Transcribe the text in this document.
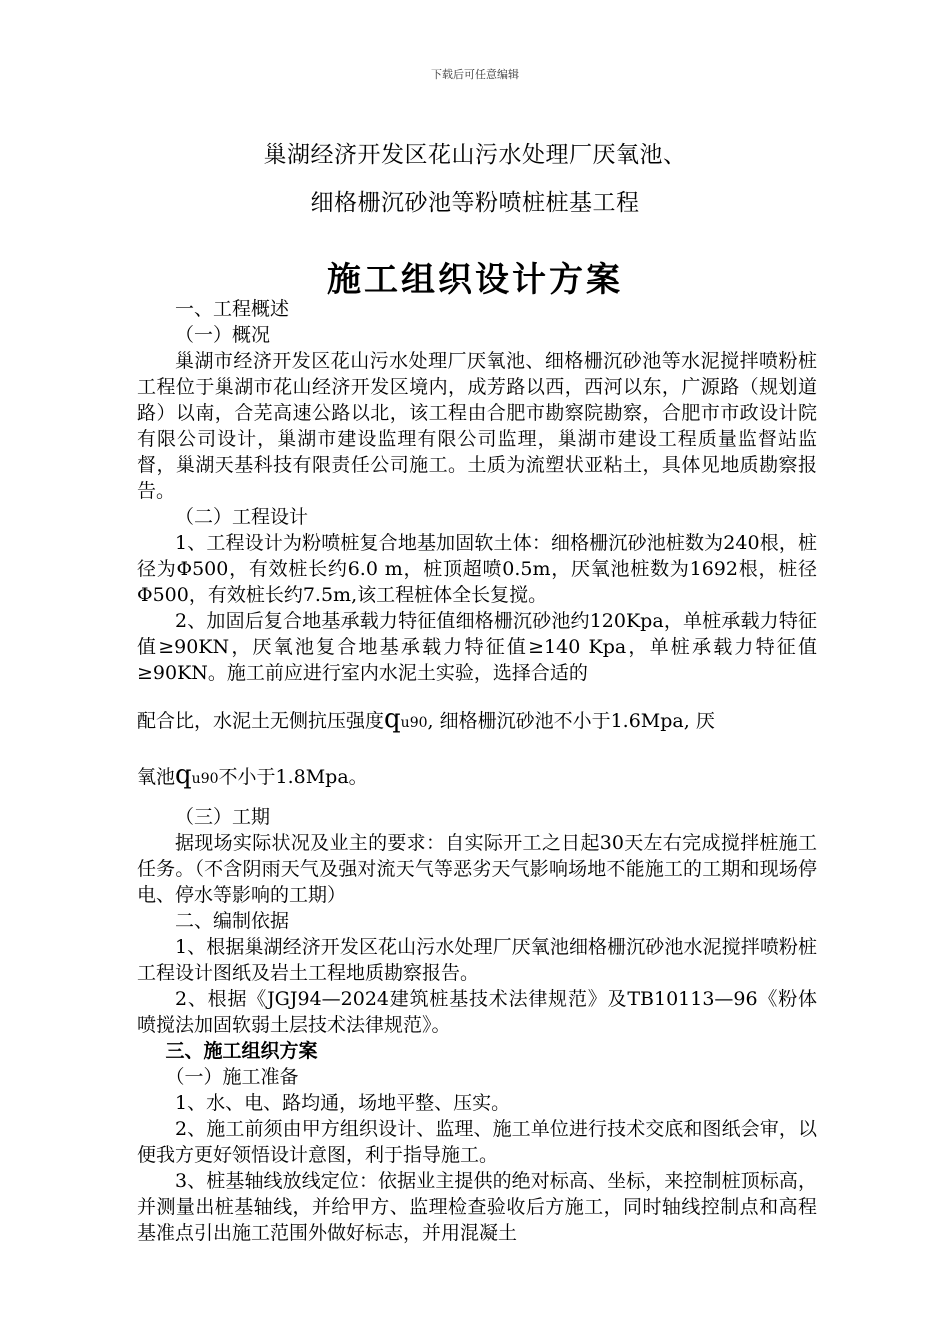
下载后可任意编辑
巢湖经济开发区花山污水处理厂厌氧池、
细格栅沉砂池等粉喷桩桩基工程
施工组织设计方案

一、工程概述

（一）概况

巢湖市经济开发区花山污水处理厂厌氧池、细格栅沉砂池等水泥搅拌喷粉桩工程位于巢湖市花山经济开发区境内，成芳路以西，西河以东，广源路（规划道路）以南，合芜高速公路以北，该工程由合肥市勘察院勘察，合肥市市政设计院有限公司设计，巢湖市建设监理有限公司监理，巢湖市建设工程质量监督站监督，巢湖天基科技有限责任公司施工。土质为流塑状亚粘土，具体见地质勘察报告。

（二）工程设计

1、工程设计为粉喷桩复合地基加固软土体：细格栅沉砂池桩数为240根，桩径为Φ500，有效桩长约6.0 m，桩顶超喷0.5m，厌氧池桩数为1692根，桩径Φ500，有效桩长约7.5m,该工程桩体全长复搅。

2、加固后复合地基承载力特征值细格栅沉砂池约120Kpa，单桩承载力特征值≥90KN，厌氧池复合地基承载力特征值≥140 Kpa，单桩承载力特征值≥90KN。施工前应进行室内水泥土实验，选择合适的

配合比，水泥土无侧抗压强度qu90, 细格栅沉砂池不小于1.6Mpa, 厌

氧池qu90不小于1.8Mpa。

（三）工期

据现场实际状况及业主的要求：自实际开工之日起30天左右完成搅拌桩施工任务。（不含阴雨天气及强对流天气等恶劣天气影响场地不能施工的工期和现场停电、停水等影响的工期）

二、编制依据

1、根据巢湖经济开发区花山污水处理厂厌氧池细格栅沉砂池水泥搅拌喷粉桩工程设计图纸及岩土工程地质勘察报告。

2、根据《JGJ94—2024建筑桩基技术法律规范》及TB10113—96《粉体喷搅法加固软弱土层技术法律规范》。

三、施工组织方案

（一）施工准备

1、水、电、路均通，场地平整、压实。

2、施工前须由甲方组织设计、监理、施工单位进行技术交底和图纸会审，以便我方更好领悟设计意图，利于指导施工。

3、桩基轴线放线定位：依据业主提供的绝对标高、坐标，来控制桩顶标高，并测量出桩基轴线，并给甲方、监理检查验收后方施工，同时轴线控制点和高程基准点引出施工范围外做好标志，并用混凝土
